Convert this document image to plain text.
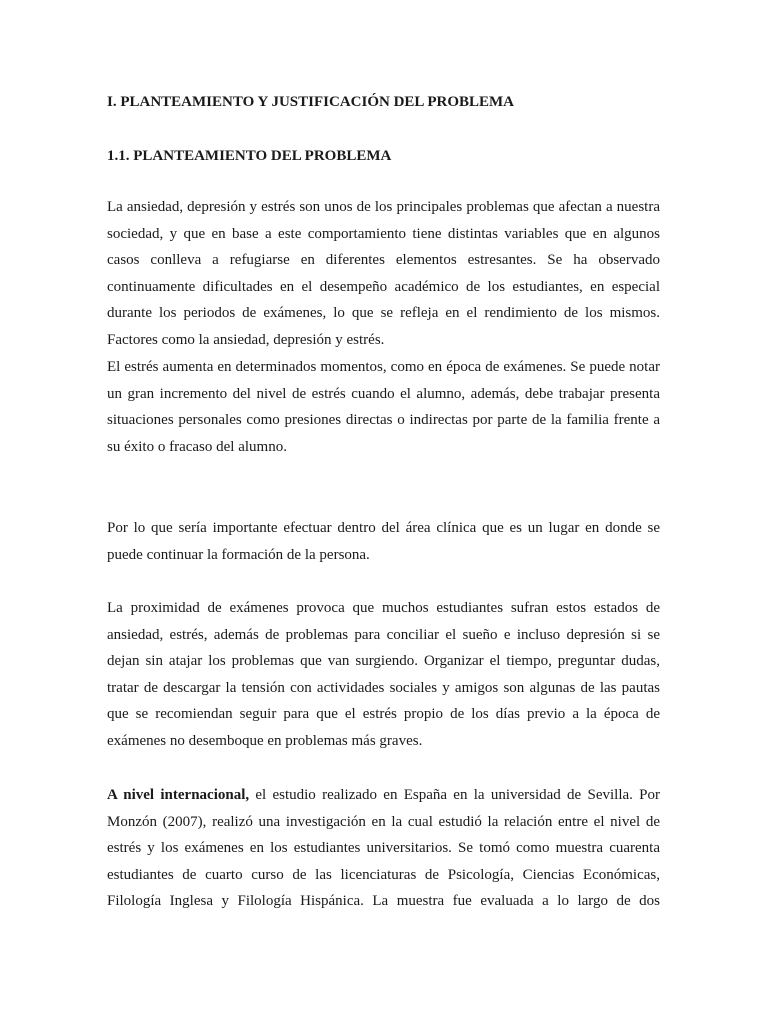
I. PLANTEAMIENTO Y JUSTIFICACIÓN DEL PROBLEMA
1.1. PLANTEAMIENTO DEL PROBLEMA
La ansiedad, depresión y estrés son unos de los principales problemas que afectan a nuestra
sociedad, y que en base a este comportamiento tiene distintas variables que en algunos
casos conlleva a refugiarse en diferentes elementos estresantes. Se ha observado
continuamente dificultades en el desempeño académico de los estudiantes, en especial
durante los periodos de exámenes, lo que se refleja en el rendimiento de los mismos.
Factores como la ansiedad, depresión y estrés.
El estrés aumenta en determinados momentos, como en época de exámenes. Se puede notar
un gran incremento del nivel de estrés cuando el alumno, además, debe trabajar presenta
situaciones personales como presiones directas o indirectas por parte de la familia frente a
su éxito o fracaso del alumno.
Por lo que sería importante efectuar dentro del área clínica que es un lugar en donde se
puede continuar la formación de la persona.
La proximidad de exámenes provoca que muchos estudiantes sufran estos estados de
ansiedad, estrés, además de problemas para conciliar el sueño e incluso depresión si se
dejan sin atajar los problemas que van surgiendo. Organizar el tiempo, preguntar dudas,
tratar de descargar la tensión con actividades sociales y amigos son algunas de las pautas
que se recomiendan seguir para que el estrés propio de los días previo a la época de
exámenes no desemboque en problemas más graves.
A nivel internacional, el estudio realizado en España en la universidad de Sevilla. Por
Monzón (2007), realizó una investigación en la cual estudió la relación entre el nivel de
estrés y los exámenes en los estudiantes universitarios. Se tomó como muestra cuarenta
estudiantes de cuarto curso de las licenciaturas de Psicología, Ciencias Económicas,
Filología Inglesa y Filología Hispánica. La muestra fue evaluada a lo largo de dos
